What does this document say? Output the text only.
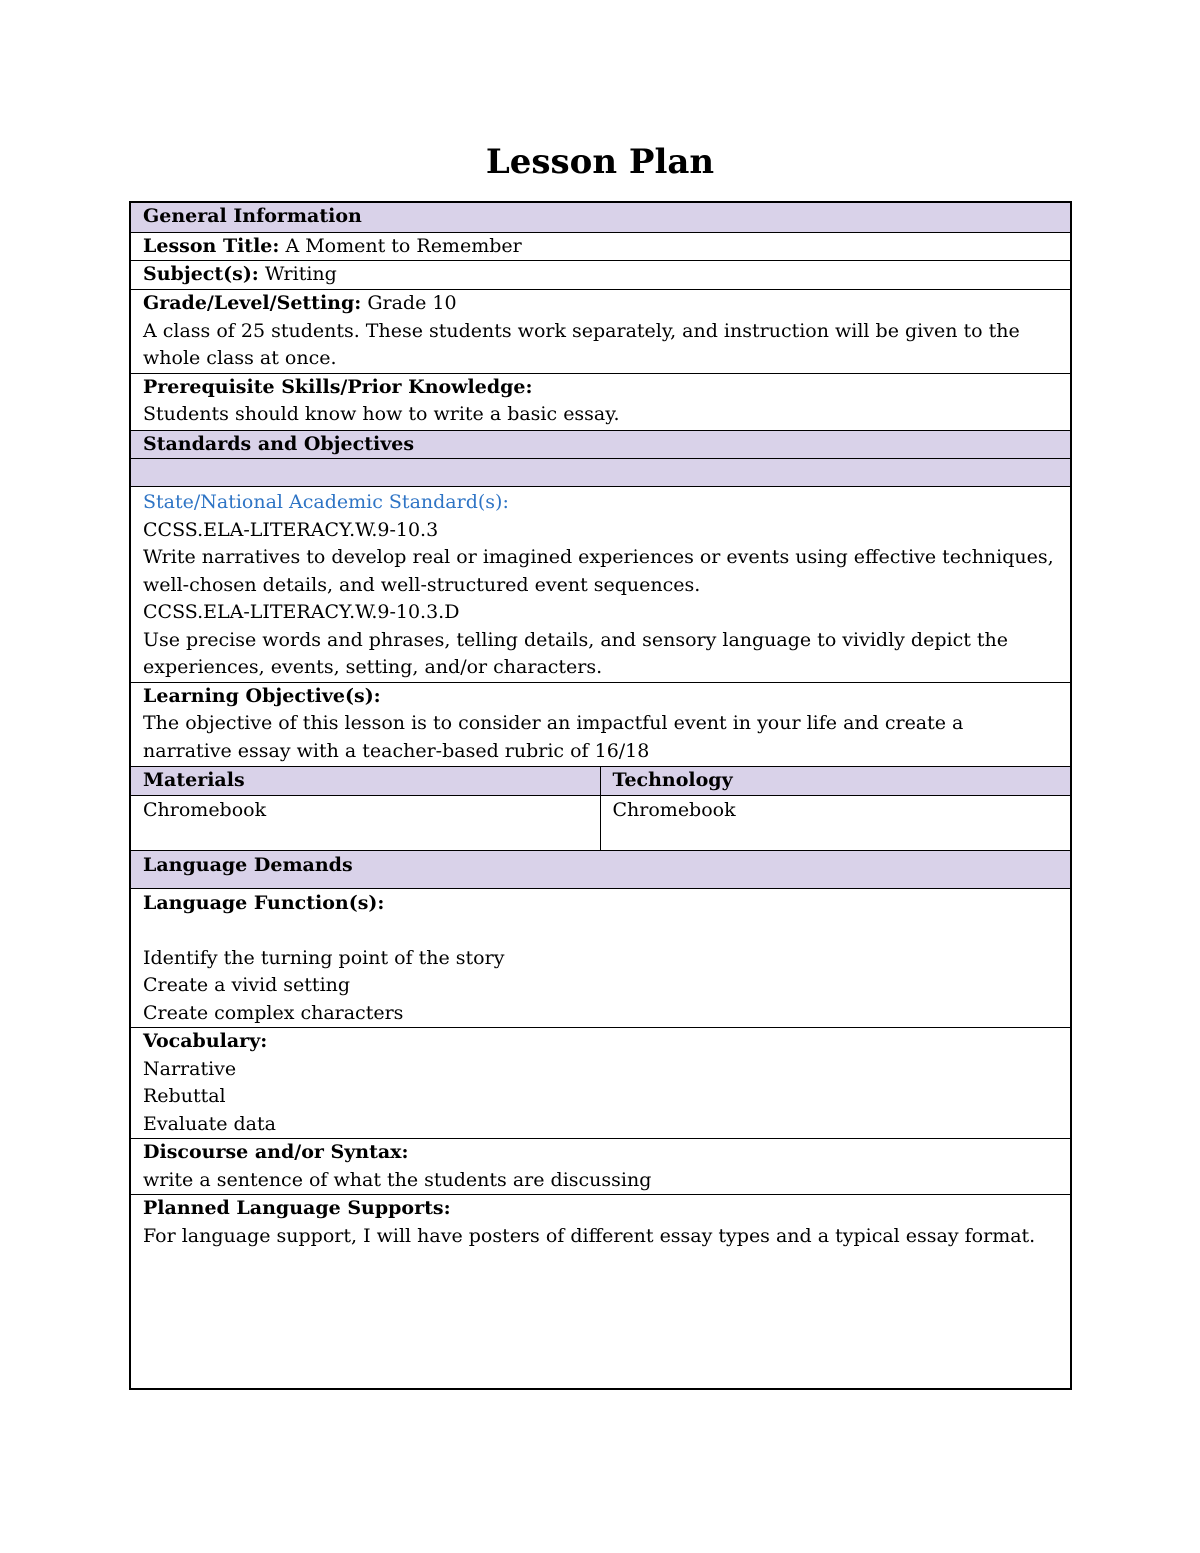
Lesson Plan
General Information	
Lesson Title: A Moment to Remember	
Subject(s): Writing	

Grade/Level/Setting: Grade 10
A class of 25 students. These students work separately, and instruction will be given to the whole class at once.	

Prerequisite Skills/Prior Knowledge:
Students should know how to write a basic essay.	

Standards and Objectives	

State/National Academic Standard(s):
CCSS.ELA-LITERACY.W.9-10.3
Write narratives to develop real or imagined experiences or events using effective techniques, well-chosen details, and well-structured event sequences.
CCSS.ELA-LITERACY.W.9-10.3.D
Use precise words and phrases, telling details, and sensory language to vividly depict the experiences, events, setting, and/or characters.	

Learning Objective(s):
The objective of this lesson is to consider an impactful event in your life and create a narrative essay with a teacher-based rubric of 16/18	

Materials	Technology
Chromebook	Chromebook
Language Demands	

Language Function(s):
Identify the turning point of the story
Create a vivid setting
Create complex characters	

Vocabulary:
Narrative
Rebuttal
Evaluate data	

Discourse and/or Syntax:
write a sentence of what the students are discussing	

Planned Language Supports:
For language support, I will have posters of different essay types and a typical essay format.	
